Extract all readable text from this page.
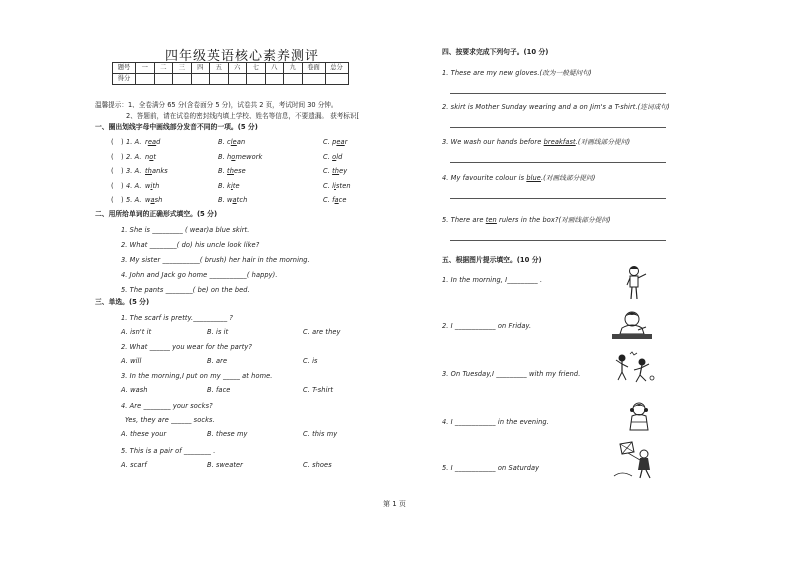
四年级英语核心素养测评
题号	一	二	三	四	五	六	七	八	九	卷面	总分
得分											
温馨提示：1、全卷满分 65 分(含卷面分 5 分)，试卷共 2 页，考试时间 30 分钟。
2、答题前，请在试卷的密封线内填上学校、姓名等信息，不要遗漏。 获考标识[
一、圈出划线字母中画线部分发音不同的一项。(5 分)
二、用所给单词的正确形式填空。(5 分)
三、单选。(5 分)
四、按要求完成下列句子。(10 分)
五、根据图片提示填空。(10 分)
第 1 页
( ) 1. A. read	B. clean	C. pear
( ) 2. A. not	B. homework	C. old
( ) 3. A. thanks	B. these	C. they
( ) 4. A. with	B. kite	C. listen
( ) 5. A. wash	B. watch	C. face
1. She is _________ ( wear)a blue skirt.
2. What ________( do) his uncle look like?
3. My sister ___________( brush) her hair in the morning.
4. John and Jack go home ___________( happy).
5. The pants ________( be) on the bed.
1. The scarf is pretty.__________ ?
A. isn't it	B. is it	C. are they
2. What ______ you wear for the party?
A. will	B. are	C. is
3. In the morning,I put on my _____ at home.
A. wash	B. face	C. T-shirt
4. Are ________ your socks?
Yes, they are ______ socks.
A. these your	B. these my	C. this my
5. This is a pair of ________ .
A. scarf	B. sweater	C. shoes
1. These are my new gloves.(改为一般疑问句)
2. skirt is Mother Sunday wearing and a on Jim's a T-shirt.(连词成句)
3. We wash our hands before breakfast.(对画线部分提问)
4. My favourite colour is blue.(对画线部分提问)
5. There are ten rulers in the box?(对画线部分提问)
1. In the morning, I_________ .
2. I ____________ on Friday.
3. On Tuesday,I _________ with my friend.
4. I ____________ in the evening.
5. I ____________ on Saturday
